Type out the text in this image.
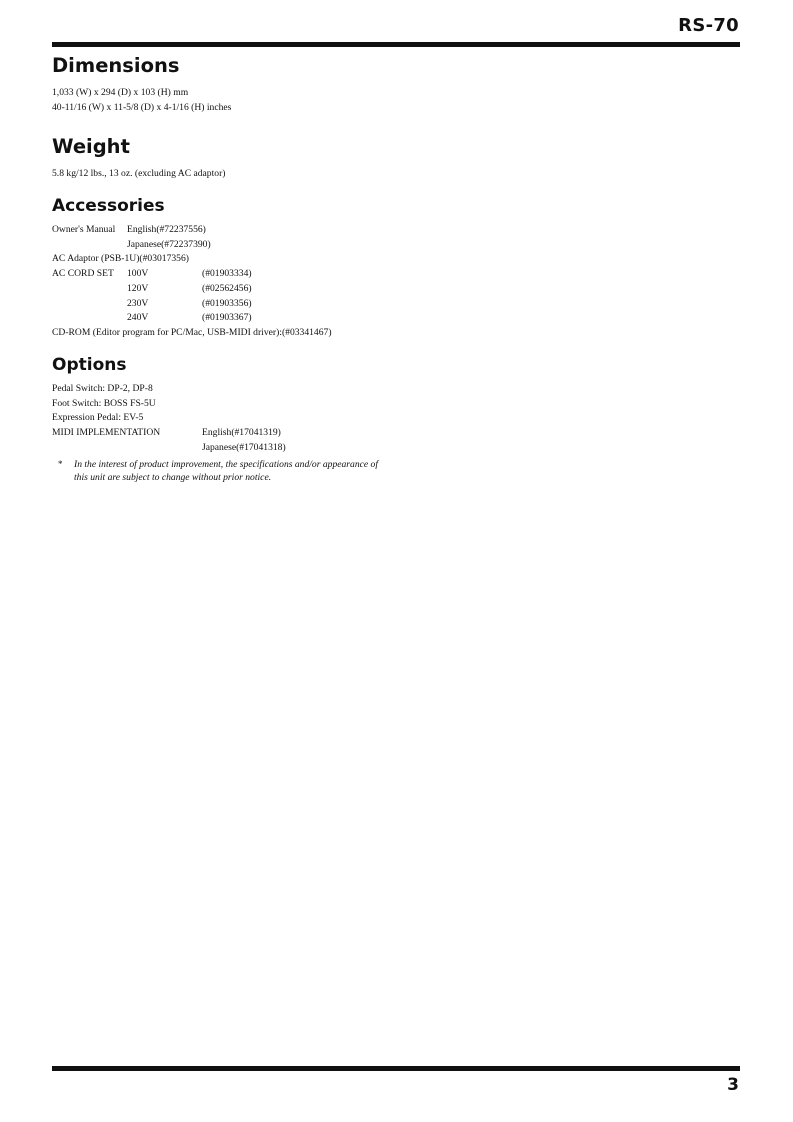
RS-70
Dimensions
1,033 (W) x 294 (D) x 103 (H) mm
40-11/16 (W) x 11-5/8 (D) x 4-1/16 (H) inches
Weight
5.8 kg/12 lbs., 13 oz. (excluding AC adaptor)
Accessories
Owner's Manual English(#72237556)
Japanese(#72237390)
AC Adaptor (PSB-1U)(#03017356)
AC CORD SET 100V	(#01903334)
120V	(#02562456)
230V	(#01903356)
240V	(#01903367)
CD-ROM (Editor program for PC/Mac, USB-MIDI driver):(#03341467)
Options
Pedal Switch: DP-2, DP-8
Foot Switch: BOSS FS-5U
Expression Pedal: EV-5
MIDI IMPLEMENTATION	English(#17041319)
Japanese(#17041318)
* In the interest of product improvement, the specifications and/or appearance of
this unit are subject to change without prior notice.
3
